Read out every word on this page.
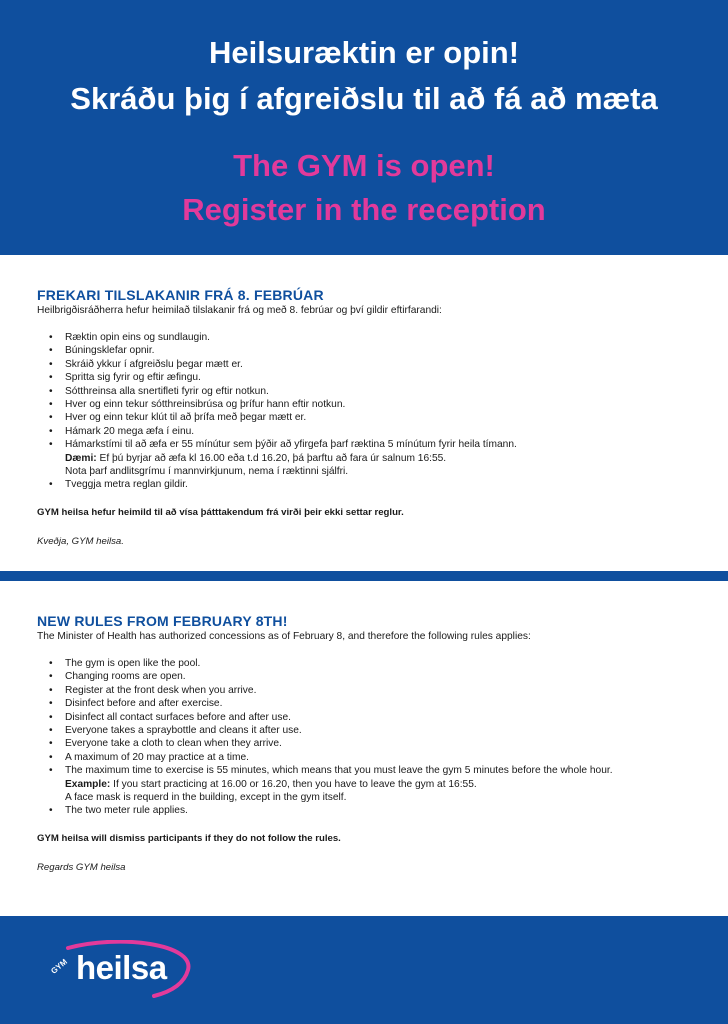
Heilsuræktin er opin!
Skráðu þig í afgreiðslu til að fá að mæta
The GYM is open!
Register in the reception
FREKARI TILSLAKANIR FRÁ 8. FEBRÚAR
Heilbrigðisráðherra hefur heimilað tilslakanir frá og með 8. febrúar og því gildir eftirfarandi:
• Ræktin opin eins og sundlaugin.
• Búningsklefar opnir.
• Skráið ykkur í afgreiðslu þegar mætt er.
• Spritta sig fyrir og eftir æfingu.
• Sótthreinsa alla snertifleti fyrir og eftir notkun.
• Hver og einn tekur sótthreinsibrúsa og þrífur hann eftir notkun.
• Hver og einn tekur klút til að þrífa með þegar mætt er.
• Hámark 20 mega æfa í einu.
• Hámarkstími til að æfa er 55 mínútur sem þýðir að yfirgefa þarf ræktina 5 mínútum fyrir heila tímann.
Dæmi: Ef þú byrjar að æfa kl 16.00 eða t.d 16.20, þá þarftu að fara úr salnum 16:55.
Nota þarf andlitsgrímu í mannvirkjunum, nema í ræktinni sjálfri.
• Tveggja metra reglan gildir.
GYM heilsa hefur heimild til að vísa þátttakendum frá virði þeir ekki settar reglur.
Kveðja, GYM heilsa.
NEW RULES FROM FEBRUARY 8TH!
The Minister of Health has authorized concessions as of February 8, and therefore the following rules applies:
• The gym is open like the pool.
• Changing rooms are open.
• Register at the front desk when you arrive.
• Disinfect before and after exercise.
• Disinfect all contact surfaces before and after use.
• Everyone takes a spraybottle and cleans it after use.
• Everyone take a cloth to clean when they arrive.
• A maximum of 20 may practice at a time.
• The maximum time to exercise is 55 minutes, which means that you must leave the gym 5 minutes before the whole hour.
Example: If you start practicing at 16.00 or 16.20, then you have to leave the gym at 16:55.
A face mask is requerd in the building, except in the gym itself.
• The two meter rule applies.
GYM heilsa will dismiss participants if they do not follow the rules.
Regards GYM heilsa
GYM heilsa
